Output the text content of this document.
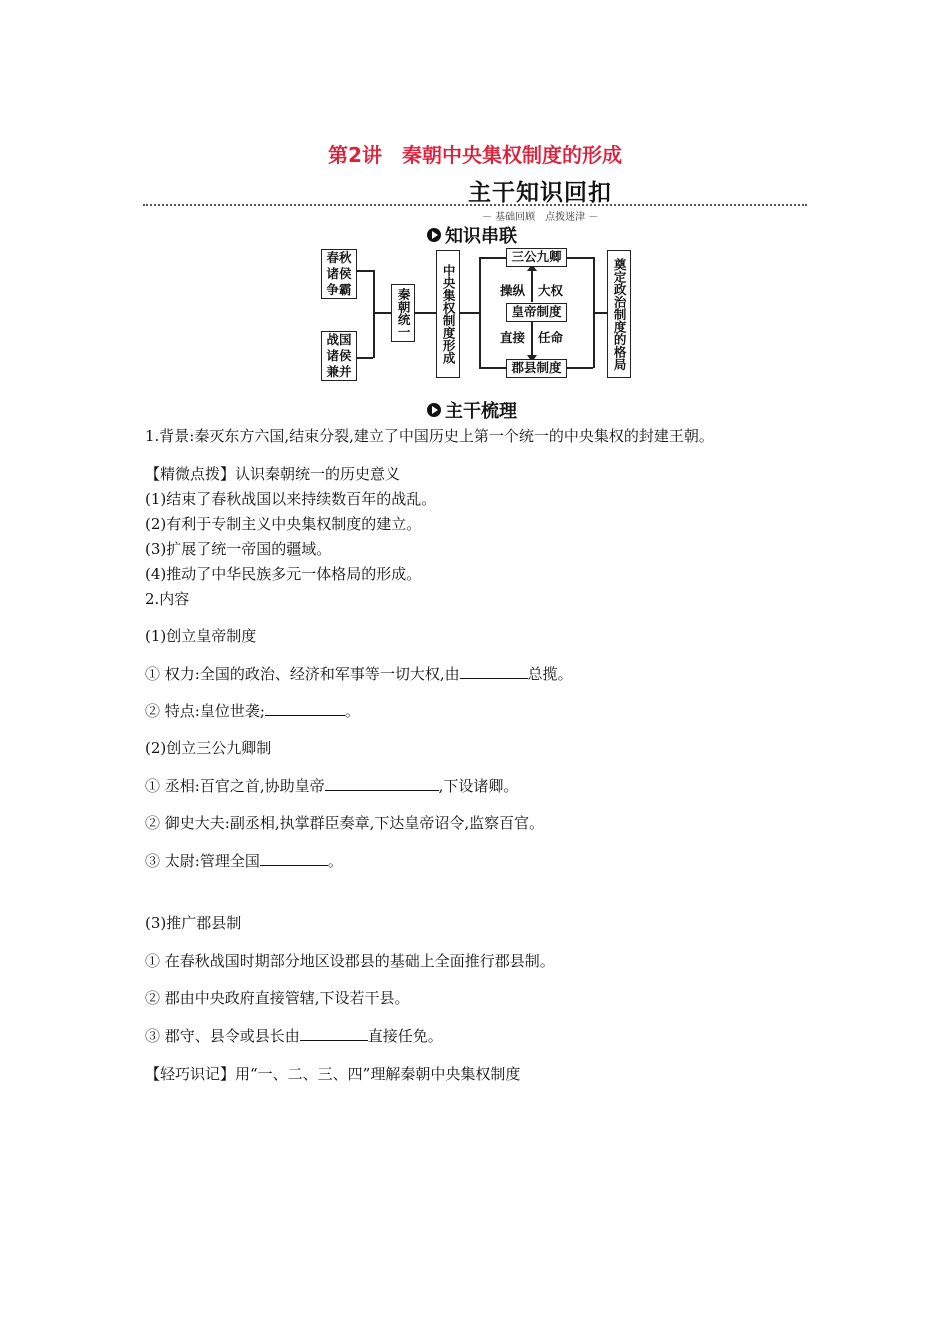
第2讲　秦朝中央集权制度的形成
主干知识回扣
－ 基础回顾　点拨迷津 －
知识串联
春秋诸侯争霸
战国诸侯兼并
秦朝统一	中央集权制度形成
三公九卿
皇帝制度
郡县制度	奠定政治制度的格局
操纵 大权
直接 任命
主干梳理
1.背景:秦灭东方六国,结束分裂,建立了中国历史上第一个统一的中央集权的封建王朝。
【精微点拨】认识秦朝统一的历史意义
(1)结束了春秋战国以来持续数百年的战乱。
(2)有利于专制主义中央集权制度的建立。
(3)扩展了统一帝国的疆域。
(4)推动了中华民族多元一体格局的形成。
2.内容
(1)创立皇帝制度
① 权力:全国的政治、经济和军事等一切大权,由	总揽。
② 特点:皇位世袭;	。
(2)创立三公九卿制
① 丞相:百官之首,协助皇帝	,下设诸卿。
② 御史大夫:副丞相,执掌群臣奏章,下达皇帝诏令,监察百官。
③ 太尉:管理全国	。
(3)推广郡县制
① 在春秋战国时期部分地区设郡县的基础上全面推行郡县制。
② 郡由中央政府直接管辖,下设若干县。
③ 郡守、县令或县长由	直接任免。
【轻巧识记】用“一、二、三、四”理解秦朝中央集权制度
